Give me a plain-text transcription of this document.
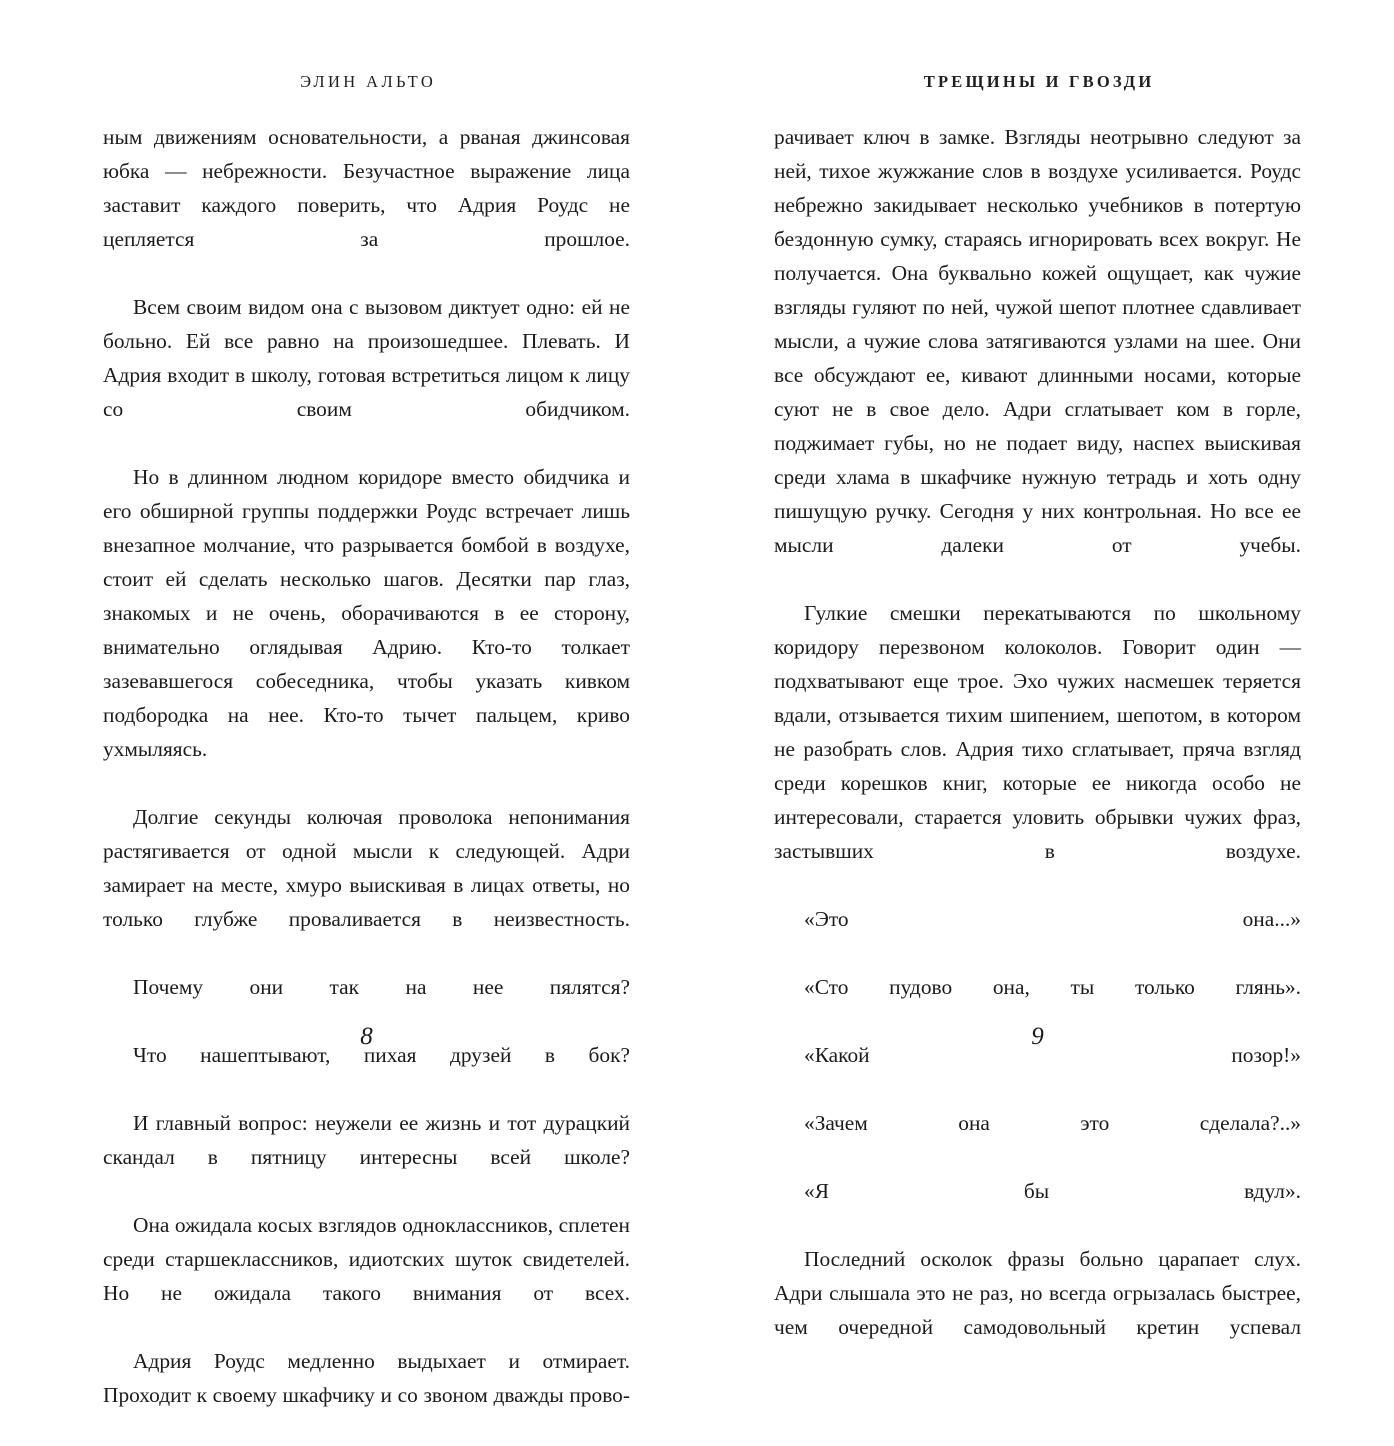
ЭЛИН АЛЬТО

ным движениям основательности, а рваная джинсовая юбка — небрежности. Безучастное выражение лица заставит каждого поверить, что Адрия Роудс не цепляется за прошлое.

Всем своим видом она с вызовом диктует одно: ей не больно. Ей все равно на произошедшее. Плевать. И Адрия входит в школу, готовая встретиться лицом к лицу со своим обидчиком.

Но в длинном людном коридоре вместо обидчика и его обширной группы поддержки Роудс встречает лишь внезапное молчание, что разрывается бомбой в воздухе, стоит ей сделать несколько шагов. Десятки пар глаз, знакомых и не очень, оборачиваются в ее сторону, внимательно оглядывая Адрию. Кто-то толкает зазевавшегося собеседника, чтобы указать кивком подбородка на нее. Кто-то тычет пальцем, криво ухмыляясь.

Долгие секунды колючая проволока непонимания растягивается от одной мысли к следующей. Адри замирает на месте, хмуро выискивая в лицах ответы, но только глубже проваливается в неизвестность.

Почему они так на нее пялятся?

Что нашептывают, пихая друзей в бок?

И главный вопрос: неужели ее жизнь и тот дурацкий скандал в пятницу интересны всей школе?

Она ожидала косых взглядов одноклассников, сплетен среди старшеклассников, идиотских шуток свидетелей. Но не ожидала такого внимания от всех.

Адрия Роудс медленно выдыхает и отмирает. Проходит к своему шкафчику и со звоном дважды прово-

8
ТРЕЩИНЫ И ГВОЗДИ

рачивает ключ в замке. Взгляды неотрывно следуют за ней, тихое жужжание слов в воздухе усиливается. Роудс небрежно закидывает несколько учебников в потертую бездонную сумку, стараясь игнорировать всех вокруг. Не получается. Она буквально кожей ощущает, как чужие взгляды гуляют по ней, чужой шепот плотнее сдавливает мысли, а чужие слова затягиваются узлами на шее. Они все обсуждают ее, кивают длинными носами, которые суют не в свое дело. Адри сглатывает ком в горле, поджимает губы, но не подает виду, наспех выискивая среди хлама в шкафчике нужную тетрадь и хоть одну пишущую ручку. Сегодня у них контрольная. Но все ее мысли далеки от учебы.

Гулкие смешки перекатываются по школьному коридору перезвоном колоколов. Говорит один — подхватывают еще трое. Эхо чужих насмешек теряется вдали, отзывается тихим шипением, шепотом, в котором не разобрать слов. Адрия тихо сглатывает, пряча взгляд среди корешков книг, которые ее никогда особо не интересовали, старается уловить обрывки чужих фраз, застывших в воздухе.

«Это она...»

«Сто пудово она, ты только глянь».

«Какой позор!»

«Зачем она это сделала?..»

«Я бы вдул».

Последний осколок фразы больно царапает слух. Адри слышала это не раз, но всегда огрызалась быстрее, чем очередной самодовольный кретин успевал

9
